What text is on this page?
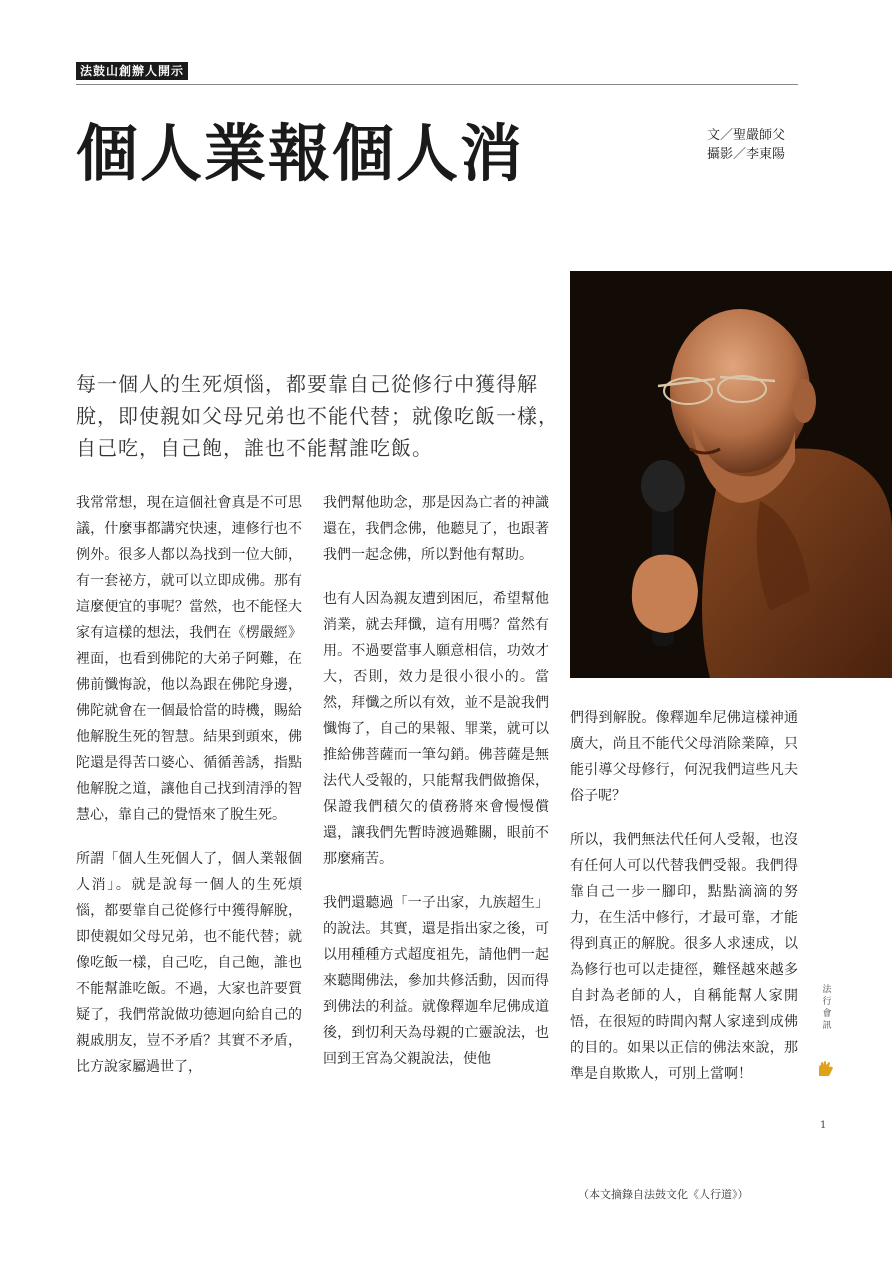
法鼓山創辦人開示
個人業報個人消	文／聖嚴師父
攝影／李東陽
每一個人的生死煩惱，都要靠自己從修行中獲得解脫，即使親如父母兄弟也不能代替；就像吃飯一樣，自己吃，自己飽，誰也不能幫誰吃飯。

我常常想，現在這個社會真是不可思議，什麼事都講究快速，連修行也不例外。很多人都以為找到一位大師，有一套祕方，就可以立即成佛。那有這麼便宜的事呢？當然，也不能怪大家有這樣的想法，我們在《楞嚴經》裡面，也看到佛陀的大弟子阿難，在佛前懺悔說，他以為跟在佛陀身邊，佛陀就會在一個最恰當的時機，賜給他解脫生死的智慧。結果到頭來，佛陀還是得苦口婆心、循循善誘，指點他解脫之道，讓他自己找到清淨的智慧心，靠自己的覺悟來了脫生死。

所謂「個人生死個人了，個人業報個人消」。就是說每一個人的生死煩惱，都要靠自己從修行中獲得解脫，即使親如父母兄弟，也不能代替；就像吃飯一樣，自己吃，自己飽，誰也不能幫誰吃飯。不過，大家也許要質疑了，我們常說做功德迴向給自己的親戚朋友，豈不矛盾？其實不矛盾，比方說家屬過世了，

我們幫他助念，那是因為亡者的神識還在，我們念佛，他聽見了，也跟著我們一起念佛，所以對他有幫助。

也有人因為親友遭到困厄，希望幫他消業，就去拜懺，這有用嗎？當然有用。不過要當事人願意相信，功效才大，否則，效力是很小很小的。當然，拜懺之所以有效，並不是說我們懺悔了，自己的果報、罪業，就可以推給佛菩薩而一筆勾銷。佛菩薩是無法代人受報的，只能幫我們做擔保，保證我們積欠的債務將來會慢慢償還，讓我們先暫時渡過難關，眼前不那麼痛苦。

我們還聽過「一子出家，九族超生」的說法。其實，還是指出家之後，可以用種種方式超度祖先，請他們一起來聽聞佛法，參加共修活動，因而得到佛法的利益。就像釋迦牟尼佛成道後，到忉利天為母親的亡靈說法，也回到王宮為父親說法，使他

們得到解脫。像釋迦牟尼佛這樣神通廣大，尚且不能代父母消除業障，只能引導父母修行，何況我們這些凡夫俗子呢？

所以，我們無法代任何人受報，也沒有任何人可以代替我們受報。我們得靠自己一步一腳印，點點滴滴的努力，在生活中修行，才最可靠，才能得到真正的解脫。很多人求速成，以為修行也可以走捷徑，難怪越來越多自封為老師的人，自稱能幫人家開悟，在很短的時間內幫人家達到成佛的目的。如果以正信的佛法來說，那準是自欺欺人，可別上當啊！

（本文摘錄自法鼓文化《人行道》）
法
行
會
訊
1
